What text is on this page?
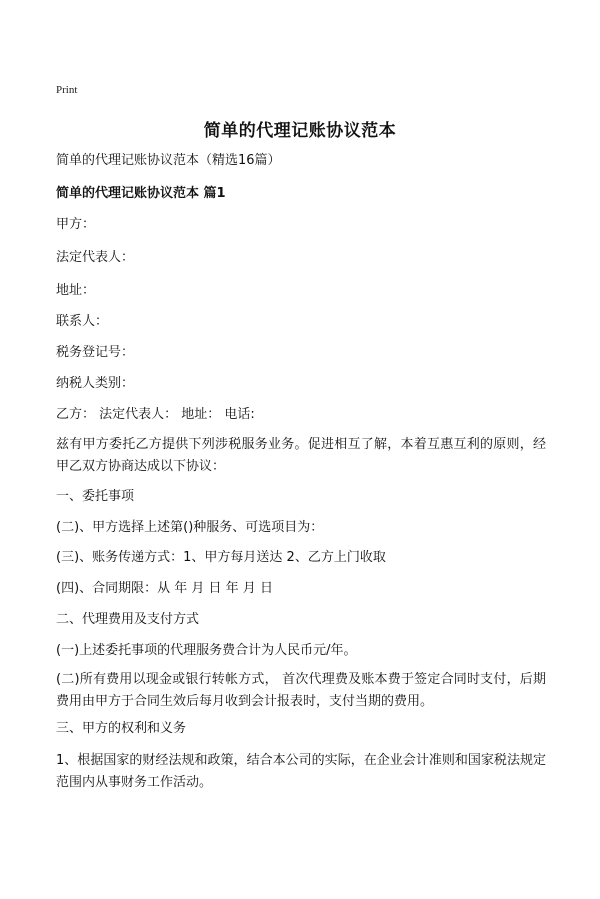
Print
简单的代理记账协议范本
简单的代理记账协议范本（精选16篇）
简单的代理记账协议范本 篇1
甲方：
法定代表人：
地址：
联系人：
税务登记号：
纳税人类别：
乙方： 法定代表人： 地址： 电话:
兹有甲方委托乙方提供下列涉税服务业务。促进相互了解，本着互惠互利的原则，经甲乙双方协商达成以下协议：
一、委托事项
(二)、甲方选择上述第()种服务、可选项目为：
(三)、账务传递方式：1、甲方每月送达 2、乙方上门收取
(四)、合同期限：从 年 月 日 年 月 日
二、代理费用及支付方式
(一)上述委托事项的代理服务费合计为人民币元/年。
(二)所有费用以现金或银行转帐方式， 首次代理费及账本费于签定合同时支付，后期费用由甲方于合同生效后每月收到会计报表时，支付当期的费用。
三、甲方的权利和义务
1、根据国家的财经法规和政策，结合本公司的实际，在企业会计准则和国家税法规定范围内从事财务工作活动。
